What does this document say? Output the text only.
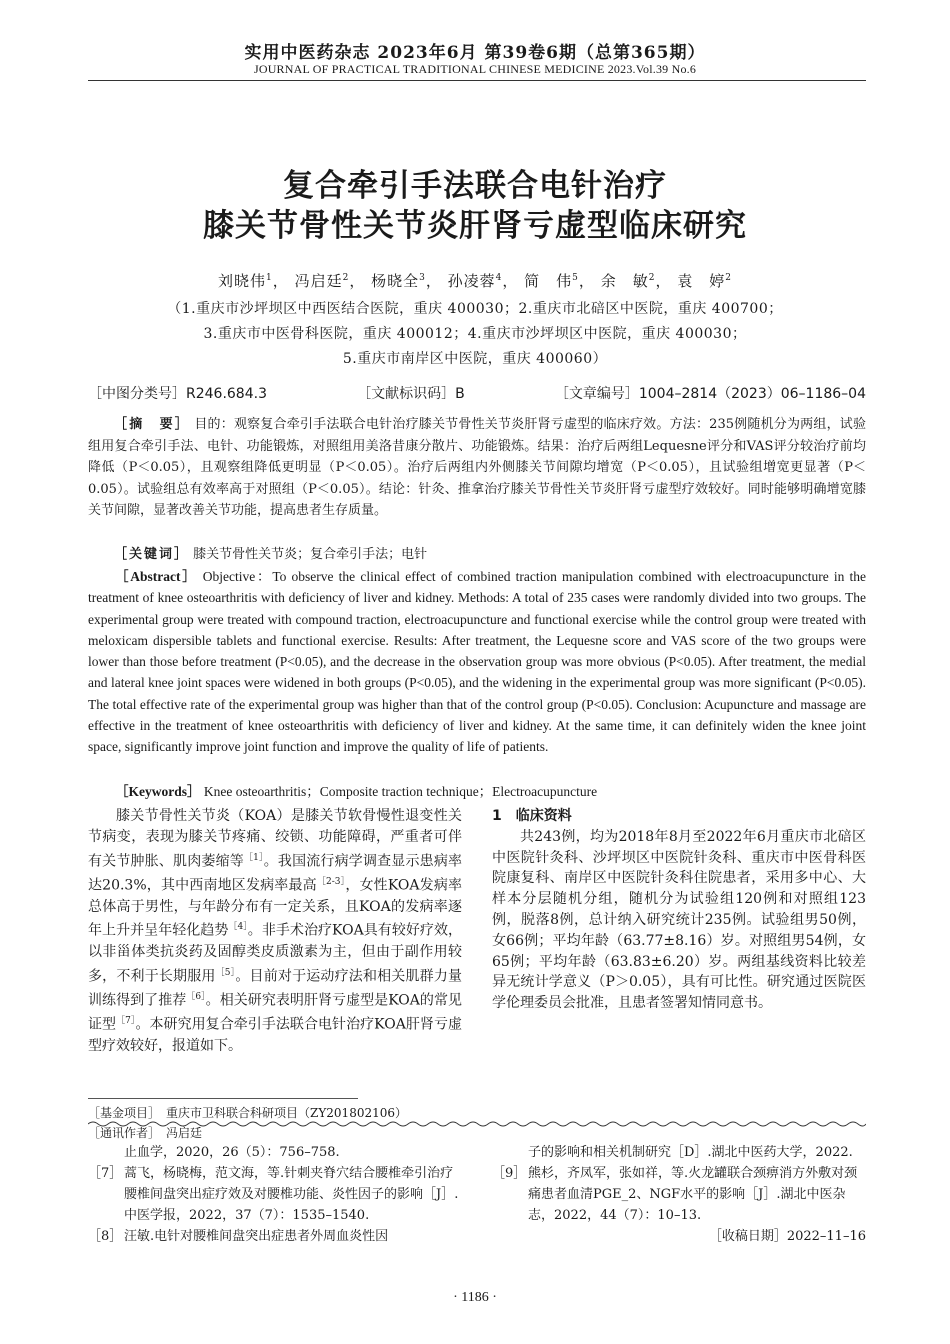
实用中医药杂志 2023年6月 第39卷6期（总第365期）
JOURNAL OF PRACTICAL TRADITIONAL CHINESE MEDICINE 2023.Vol.39 No.6
复合牵引手法联合电针治疗
膝关节骨性关节炎肝肾亏虚型临床研究
刘晓伟$^1$， 冯启廷$^2$， 杨晓全$^3$， 孙凌蓉$^4$， 简　伟$^5$， 余　敏$^2$， 袁　婷$^2$
（1.重庆市沙坪坝区中西医结合医院，重庆 400030；2.重庆市北碚区中医院，重庆 400700；
3.重庆市中医骨科医院，重庆 400012；4.重庆市沙坪坝区中医院，重庆 400030；
5.重庆市南岸区中医院，重庆 400060）
［中图分类号］R246.684.3	［文献标识码］B	［文章编号］1004–2814（2023）06–1186–04
［摘　要］ 目的：观察复合牵引手法联合电针治疗膝关节骨性关节炎肝肾亏虚型的临床疗效。方法：235例随机分为两组，试验组用复合牵引手法、电针、功能锻炼，对照组用美洛昔康分散片、功能锻炼。结果：治疗后两组Lequesne评分和VAS评分较治疗前均降低（P＜0.05），且观察组降低更明显（P＜0.05）。治疗后两组内外侧膝关节间隙均增宽（P＜0.05），且试验组增宽更显著（P＜0.05）。试验组总有效率高于对照组（P＜0.05）。结论：针灸、推拿治疗膝关节骨性关节炎肝肾亏虚型疗效较好。同时能够明确增宽膝关节间隙，显著改善关节功能，提高患者生存质量。
［关键词］ 膝关节骨性关节炎；复合牵引手法；电针
［Abstract］ Objective：To observe the clinical effect of combined traction manipulation combined with electroacupuncture in the treatment of knee osteoarthritis with deficiency of liver and kidney. Methods: A total of 235 cases were randomly divided into two groups. The experimental group were treated with compound traction, electroacupuncture and functional exercise while the control group were treated with meloxicam dispersible tablets and functional exercise. Results: After treatment, the Lequesne score and VAS score of the two groups were lower than those before treatment (P<0.05), and the decrease in the observation group was more obvious (P<0.05). After treatment, the medial and lateral knee joint spaces were widened in both groups (P<0.05), and the widening in the experimental group was more significant (P<0.05). The total effective rate of the experimental group was higher than that of the control group (P<0.05). Conclusion: Acupuncture and massage are effective in the treatment of knee osteoarthritis with deficiency of liver and kidney. At the same time, it can definitely widen the knee joint space, significantly improve joint function and improve the quality of life of patients.
［Keywords］ Knee osteoarthritis；Composite traction technique；Electroacupuncture

膝关节骨性关节炎（KOA）是膝关节软骨慢性退变性关节病变，表现为膝关节疼痛、绞锁、功能障碍，严重者可伴有关节肿胀、肌肉萎缩等$^{[1]}$。我国流行病学调查显示患病率达20.3%，其中西南地区发病率最高$^{[2-3]}$，女性KOA发病率总体高于男性，与年龄分布有一定关系，且KOA的发病率逐年上升并呈年轻化趋势$^{[4]}$。非手术治疗KOA具有较好疗效，以非甾体类抗炎药及固醇类皮质激素为主，但由于副作用较多，不利于长期服用$^{[5]}$。目前对于运动疗法和相关肌群力量训练得到了推荐$^{[6]}$。相关研究表明肝肾亏虚型是KOA的常见证型$^{[7]}$。本研究用复合牵引手法联合电针治疗KOA肝肾亏虚型疗效较好，报道如下。

1　临床资料

共243例，均为2018年8月至2022年6月重庆市北碚区中医院针灸科、沙坪坝区中医院针灸科、重庆市中医骨科医院康复科、南岸区中医院针灸科住院患者，采用多中心、大样本分层随机分组，随机分为试验组120例和对照组123例，脱落8例，总计纳入研究统计235例。试验组男50例，女66例；平均年龄（63.77±8.16）岁。对照组男54例，女65例；平均年龄（63.83±6.20）岁。两组基线资料比较差异无统计学意义（P＞0.05），具有可比性。研究通过医院医学伦理委员会批准，且患者签署知情同意书。

［基金项目］　 重庆市卫科联合科研项目（ZY201802106）
［通讯作者］　 冯启廷
止血学，2020，26（5）：756–758.
［7］ 蒿飞，杨晓梅，范文海，等.针刺夹脊穴结合腰椎牵引治疗腰椎间盘突出症疗效及对腰椎功能、炎性因子的影响［J］.中医学报，2022，37（7）：1535–1540.
［8］ 汪敏.电针对腰椎间盘突出症患者外周血炎性因
子的影响和相关机制研究［D］.湖北中医药大学，2022.
［9］ 熊杉，齐凤军，张如祥，等.火龙罐联合颈痹消方外敷对颈痛患者血清PGE_2、NGF水平的影响［J］.湖北中医杂志，2022，44（7）：10–13.
［收稿日期］2022–11–16
· 1186 ·
